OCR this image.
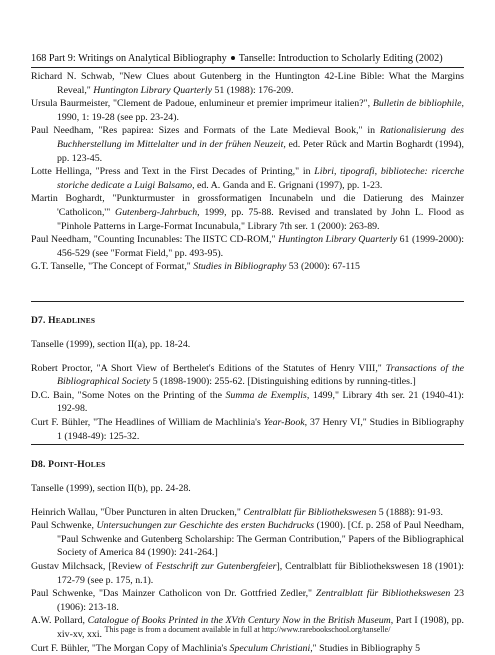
168 Part 9: Writings on Analytical Bibliography Tanselle: Introduction to Scholarly Editing (2002)
Richard N. Schwab, "New Clues about Gutenberg in the Huntington 42-Line Bible: What the Margins Reveal," Huntington Library Quarterly 51 (1988): 176-209.
Ursula Baurmeister, "Clement de Padoue, enlumineur et premier imprimeur italien?", Bulletin de bibliophile, 1990, 1: 19-28 (see pp. 23-24).
Paul Needham, "Res papirea: Sizes and Formats of the Late Medieval Book," in Rationalisierung des Buchherstellung im Mittelalter und in der frühen Neuzeit, ed. Peter Rück and Martin Boghardt (1994), pp. 123-45.
Lotte Hellinga, "Press and Text in the First Decades of Printing," in Libri, tipografi, biblioteche: ricerche storiche dedicate a Luigi Balsamo, ed. A. Ganda and E. Grignani (1997), pp. 1-23.
Martin Boghardt, "Punkturmuster in grossformatigen Incunabeln und die Datierung des Mainzer 'Catholicon,'" Gutenberg-Jahrbuch, 1999, pp. 75-88. Revised and translated by John L. Flood as "Pinhole Patterns in Large-Format Incunabula," Library 7th ser. 1 (2000): 263-89.
Paul Needham, "Counting Incunables: The IISTC CD-ROM," Huntington Library Quarterly 61 (1999-2000): 456-529 (see "Format Field," pp. 493-95).
G.T. Tanselle, "The Concept of Format," Studies in Bibliography 53 (2000): 67-115
D7. HEADLINES
Tanselle (1999), section II(a), pp. 18-24.
Robert Proctor, "A Short View of Berthelet's Editions of the Statutes of Henry VIII," Transactions of the Bibliographical Society 5 (1898-1900): 255-62. [Distinguishing editions by running-titles.]
D.C. Bain, "Some Notes on the Printing of the Summa de Exemplis, 1499," Library 4th ser. 21 (1940-41): 192-98.
Curt F. Bühler, "The Headlines of William de Machlinia's Year-Book, 37 Henry VI," Studies in Bibliography 1 (1948-49): 125-32.
D8. POINT-HOLES
Tanselle (1999), section II(b), pp. 24-28.
Heinrich Wallau, "Über Puncturen in alten Drucken," Centralblatt für Bibliothekswesen 5 (1888): 91-93.
Paul Schwenke, Untersuchungen zur Geschichte des ersten Buchdrucks (1900). [Cf. p. 258 of Paul Needham, "Paul Schwenke and Gutenberg Scholarship: The German Contribution," Papers of the Bibliographical Society of America 84 (1990): 241-264.]
Gustav Milchsack, [Review of Festschrift zur Gutenbergfeier], Centralblatt für Bibliothekswesen 18 (1901): 172-79 (see p. 175, n.1).
Paul Schwenke, "Das Mainzer Catholicon von Dr. Gottfried Zedler," Zentralblatt für Bibliothekswesen 23 (1906): 213-18.
A.W. Pollard, Catalogue of Books Printed in the XVth Century Now in the British Museum, Part I (1908), pp. xiv-xv, xxi.
Curt F. Bühler, "The Morgan Copy of Machlinia's Speculum Christiani," Studies in Bibliography 5
This page is from a document available in full at http://www.rarebookschool.org/tanselle/
